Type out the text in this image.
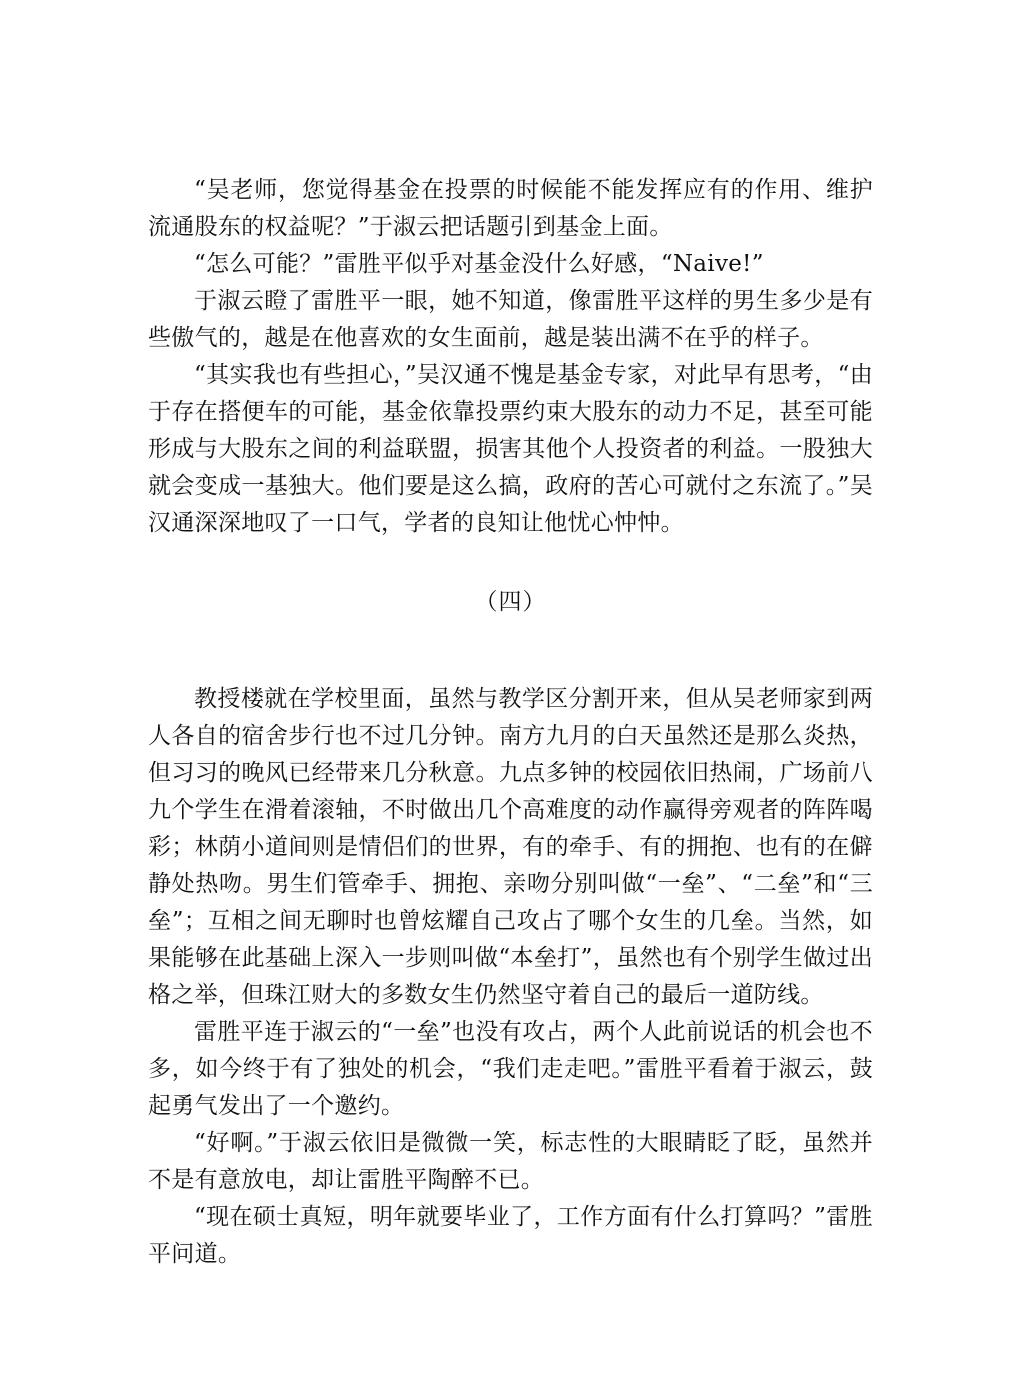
“吴老师，您觉得基金在投票的时候能不能发挥应有的作用、维护流通股东的权益呢？”于淑云把话题引到基金上面。

“怎么可能？”雷胜平似乎对基金没什么好感，“Naive!”

于淑云瞪了雷胜平一眼，她不知道，像雷胜平这样的男生多少是有些傲气的，越是在他喜欢的女生面前，越是装出满不在乎的样子。

“其实我也有些担心，”吴汉通不愧是基金专家，对此早有思考，“由于存在搭便车的可能，基金依靠投票约束大股东的动力不足，甚至可能形成与大股东之间的利益联盟，损害其他个人投资者的利益。一股独大就会变成一基独大。他们要是这么搞，政府的苦心可就付之东流了。”吴汉通深深地叹了一口气，学者的良知让他忧心忡忡。

（四）

教授楼就在学校里面，虽然与教学区分割开来，但从吴老师家到两人各自的宿舍步行也不过几分钟。南方九月的白天虽然还是那么炎热，但习习的晚风已经带来几分秋意。九点多钟的校园依旧热闹，广场前八九个学生在滑着滚轴，不时做出几个高难度的动作赢得旁观者的阵阵喝彩；林荫小道间则是情侣们的世界，有的牵手、有的拥抱、也有的在僻静处热吻。男生们管牵手、拥抱、亲吻分别叫做“一垒”、“二垒”和“三垒”；互相之间无聊时也曾炫耀自己攻占了哪个女生的几垒。当然，如果能够在此基础上深入一步则叫做“本垒打”，虽然也有个别学生做过出格之举，但珠江财大的多数女生仍然坚守着自己的最后一道防线。

雷胜平连于淑云的“一垒”也没有攻占，两个人此前说话的机会也不多，如今终于有了独处的机会，“我们走走吧。”雷胜平看着于淑云，鼓起勇气发出了一个邀约。

“好啊。”于淑云依旧是微微一笑，标志性的大眼睛眨了眨，虽然并不是有意放电，却让雷胜平陶醉不已。

“现在硕士真短，明年就要毕业了，工作方面有什么打算吗？”雷胜平问道。
